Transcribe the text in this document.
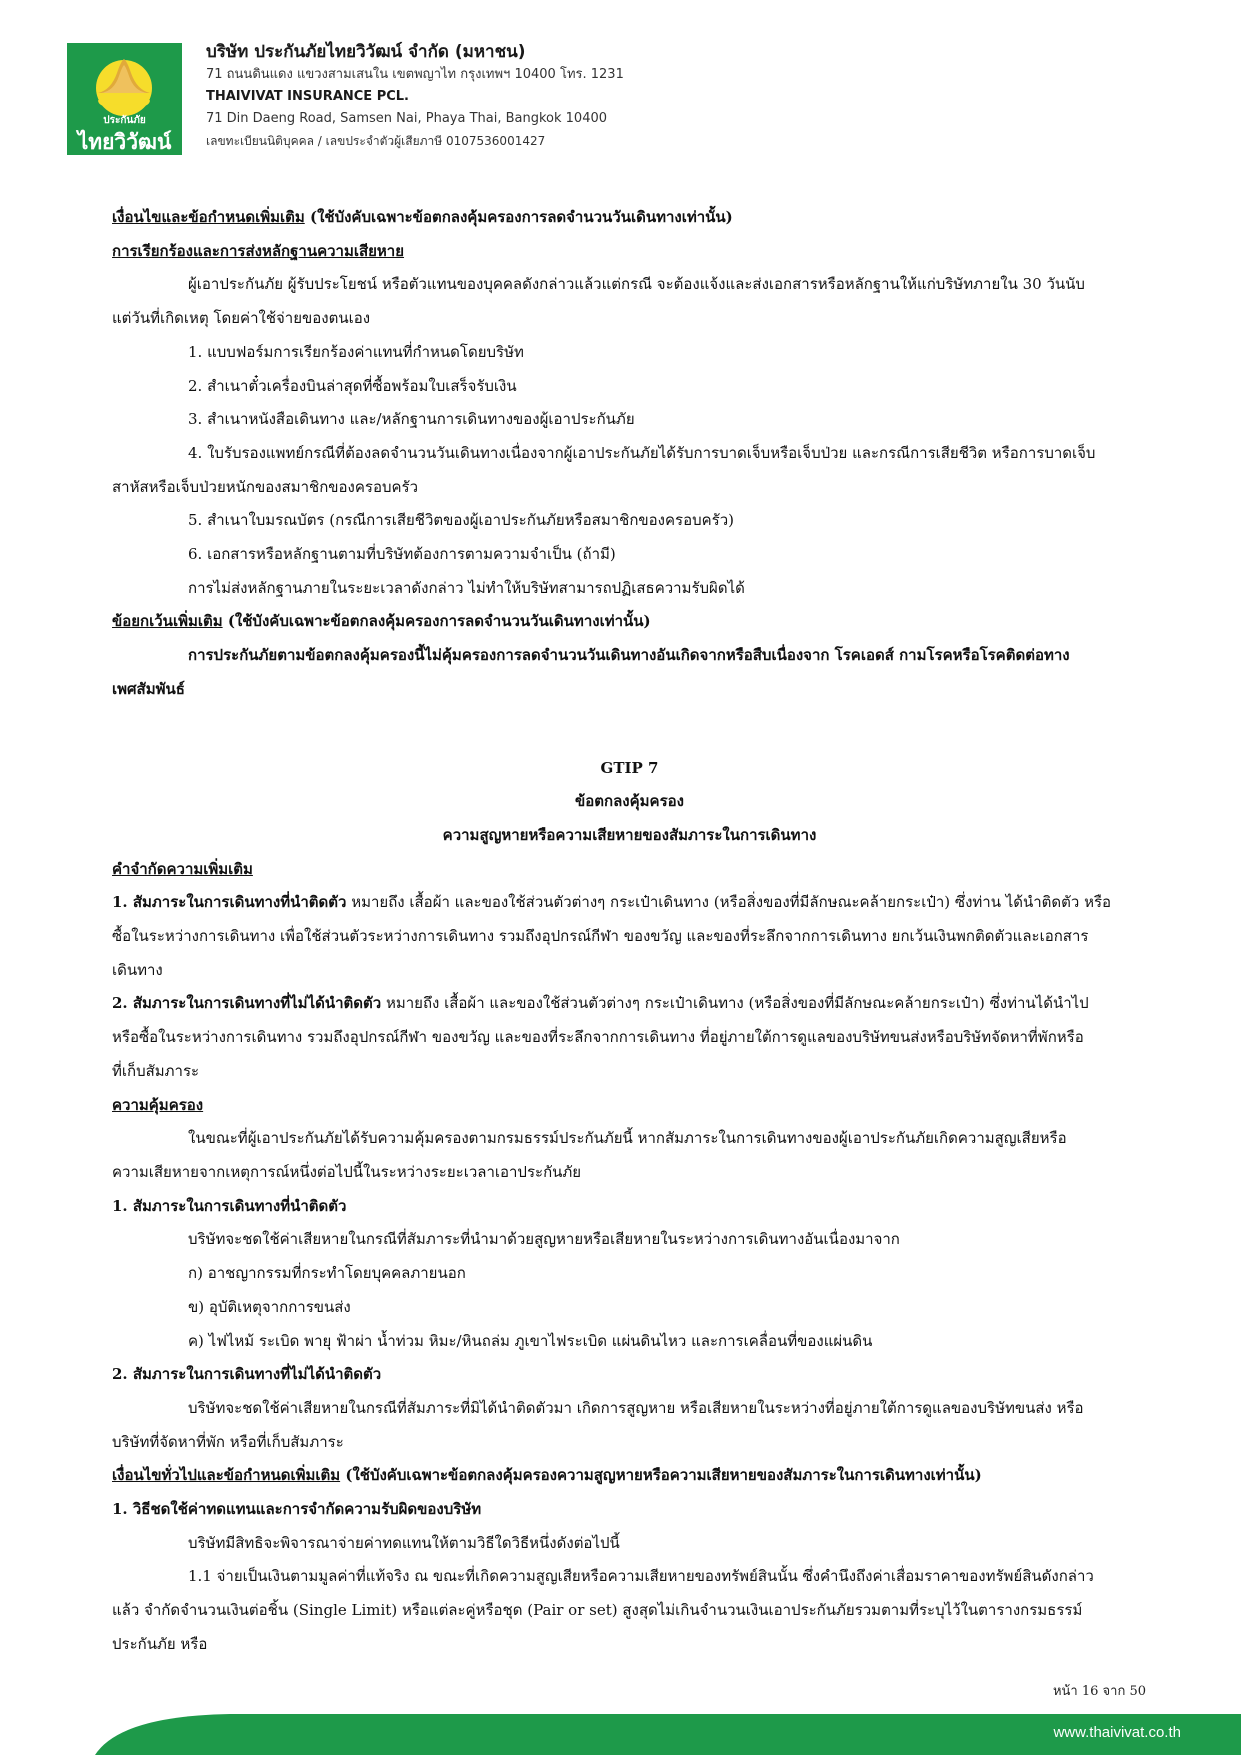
ประกันภัย
ไทยวิวัฒน์
บริษัท ประกันภัยไทยวิวัฒน์ จำกัด (มหาชน)
71 ถนนดินแดง แขวงสามเสนใน เขตพญาไท กรุงเทพฯ 10400 โทร. 1231
THAIVIVAT INSURANCE PCL.
71 Din Daeng Road, Samsen Nai, Phaya Thai, Bangkok 10400
เลขทะเบียนนิติบุคคล / เลขประจำตัวผู้เสียภาษี 0107536001427
เงื่อนไขและข้อกำหนดเพิ่มเติม (ใช้บังคับเฉพาะข้อตกลงคุ้มครองการลดจำนวนวันเดินทางเท่านั้น)
การเรียกร้องและการส่งหลักฐานความเสียหาย
ผู้เอาประกันภัย ผู้รับประโยชน์ หรือตัวแทนของบุคคลดังกล่าวแล้วแต่กรณี จะต้องแจ้งและส่งเอกสารหรือหลักฐานให้แก่บริษัทภายใน 30 วันนับ
แต่วันที่เกิดเหตุ โดยค่าใช้จ่ายของตนเอง
1. แบบฟอร์มการเรียกร้องค่าแทนที่กำหนดโดยบริษัท
2. สำเนาตั๋วเครื่องบินล่าสุดที่ซื้อพร้อมใบเสร็จรับเงิน
3. สำเนาหนังสือเดินทาง และ/หลักฐานการเดินทางของผู้เอาประกันภัย
4. ใบรับรองแพทย์กรณีที่ต้องลดจำนวนวันเดินทางเนื่องจากผู้เอาประกันภัยได้รับการบาดเจ็บหรือเจ็บป่วย และกรณีการเสียชีวิต หรือการบาดเจ็บ
สาหัสหรือเจ็บป่วยหนักของสมาชิกของครอบครัว
5. สำเนาใบมรณบัตร (กรณีการเสียชีวิตของผู้เอาประกันภัยหรือสมาชิกของครอบครัว)
6. เอกสารหรือหลักฐานตามที่บริษัทต้องการตามความจำเป็น (ถ้ามี)
การไม่ส่งหลักฐานภายในระยะเวลาดังกล่าว ไม่ทำให้บริษัทสามารถปฏิเสธความรับผิดได้
ข้อยกเว้นเพิ่มเติม (ใช้บังคับเฉพาะข้อตกลงคุ้มครองการลดจำนวนวันเดินทางเท่านั้น)
การประกันภัยตามข้อตกลงคุ้มครองนี้ไม่คุ้มครองการลดจำนวนวันเดินทางอันเกิดจากหรือสืบเนื่องจาก โรคเอดส์ กามโรคหรือโรคติดต่อทาง
เพศสัมพันธ์
GTIP 7
ข้อตกลงคุ้มครอง
ความสูญหายหรือความเสียหายของสัมภาระในการเดินทาง
คำจำกัดความเพิ่มเติม
1. สัมภาระในการเดินทางที่นำติดตัว หมายถึง เสื้อผ้า และของใช้ส่วนตัวต่างๆ กระเป๋าเดินทาง (หรือสิ่งของที่มีลักษณะคล้ายกระเป๋า) ซึ่งท่าน ได้นำติดตัว หรือ
ซื้อในระหว่างการเดินทาง เพื่อใช้ส่วนตัวระหว่างการเดินทาง รวมถึงอุปกรณ์กีฬา ของขวัญ และของที่ระลึกจากการเดินทาง ยกเว้นเงินพกติดตัวและเอกสาร
เดินทาง
2. สัมภาระในการเดินทางที่ไม่ได้นำติดตัว หมายถึง เสื้อผ้า และของใช้ส่วนตัวต่างๆ กระเป๋าเดินทาง (หรือสิ่งของที่มีลักษณะคล้ายกระเป๋า) ซึ่งท่านได้นำไป
หรือซื้อในระหว่างการเดินทาง รวมถึงอุปกรณ์กีฬา ของขวัญ และของที่ระลึกจากการเดินทาง ที่อยู่ภายใต้การดูแลของบริษัทขนส่งหรือบริษัทจัดหาที่พักหรือ
ที่เก็บสัมภาระ
ความคุ้มครอง
ในขณะที่ผู้เอาประกันภัยได้รับความคุ้มครองตามกรมธรรม์ประกันภัยนี้ หากสัมภาระในการเดินทางของผู้เอาประกันภัยเกิดความสูญเสียหรือ
ความเสียหายจากเหตุการณ์หนึ่งต่อไปนี้ในระหว่างระยะเวลาเอาประกันภัย
1. สัมภาระในการเดินทางที่นำติดตัว
บริษัทจะชดใช้ค่าเสียหายในกรณีที่สัมภาระที่นำมาด้วยสูญหายหรือเสียหายในระหว่างการเดินทางอันเนื่องมาจาก
ก) อาชญากรรมที่กระทำโดยบุคคลภายนอก
ข) อุบัติเหตุจากการขนส่ง
ค) ไฟไหม้ ระเบิด พายุ ฟ้าผ่า น้ำท่วม หิมะ/หินถล่ม ภูเขาไฟระเบิด แผ่นดินไหว และการเคลื่อนที่ของแผ่นดิน
2. สัมภาระในการเดินทางที่ไม่ได้นำติดตัว
บริษัทจะชดใช้ค่าเสียหายในกรณีที่สัมภาระที่มิได้นำติดตัวมา เกิดการสูญหาย หรือเสียหายในระหว่างที่อยู่ภายใต้การดูแลของบริษัทขนส่ง หรือ
บริษัทที่จัดหาที่พัก หรือที่เก็บสัมภาระ
เงื่อนไขทั่วไปและข้อกำหนดเพิ่มเติม (ใช้บังคับเฉพาะข้อตกลงคุ้มครองความสูญหายหรือความเสียหายของสัมภาระในการเดินทางเท่านั้น)
1. วิธีชดใช้ค่าทดแทนและการจำกัดความรับผิดของบริษัท
บริษัทมีสิทธิจะพิจารณาจ่ายค่าทดแทนให้ตามวิธีใดวิธีหนึ่งดังต่อไปนี้
1.1 จ่ายเป็นเงินตามมูลค่าที่แท้จริง ณ ขณะที่เกิดความสูญเสียหรือความเสียหายของทรัพย์สินนั้น ซึ่งคำนึงถึงค่าเสื่อมราคาของทรัพย์สินดังกล่าว
แล้ว จำกัดจำนวนเงินต่อชิ้น (Single Limit) หรือแต่ละคู่หรือชุด (Pair or set) สูงสุดไม่เกินจำนวนเงินเอาประกันภัยรวมตามที่ระบุไว้ในตารางกรมธรรม์
ประกันภัย หรือ
หน้า 16 จาก 50
www.thaivivat.co.th
